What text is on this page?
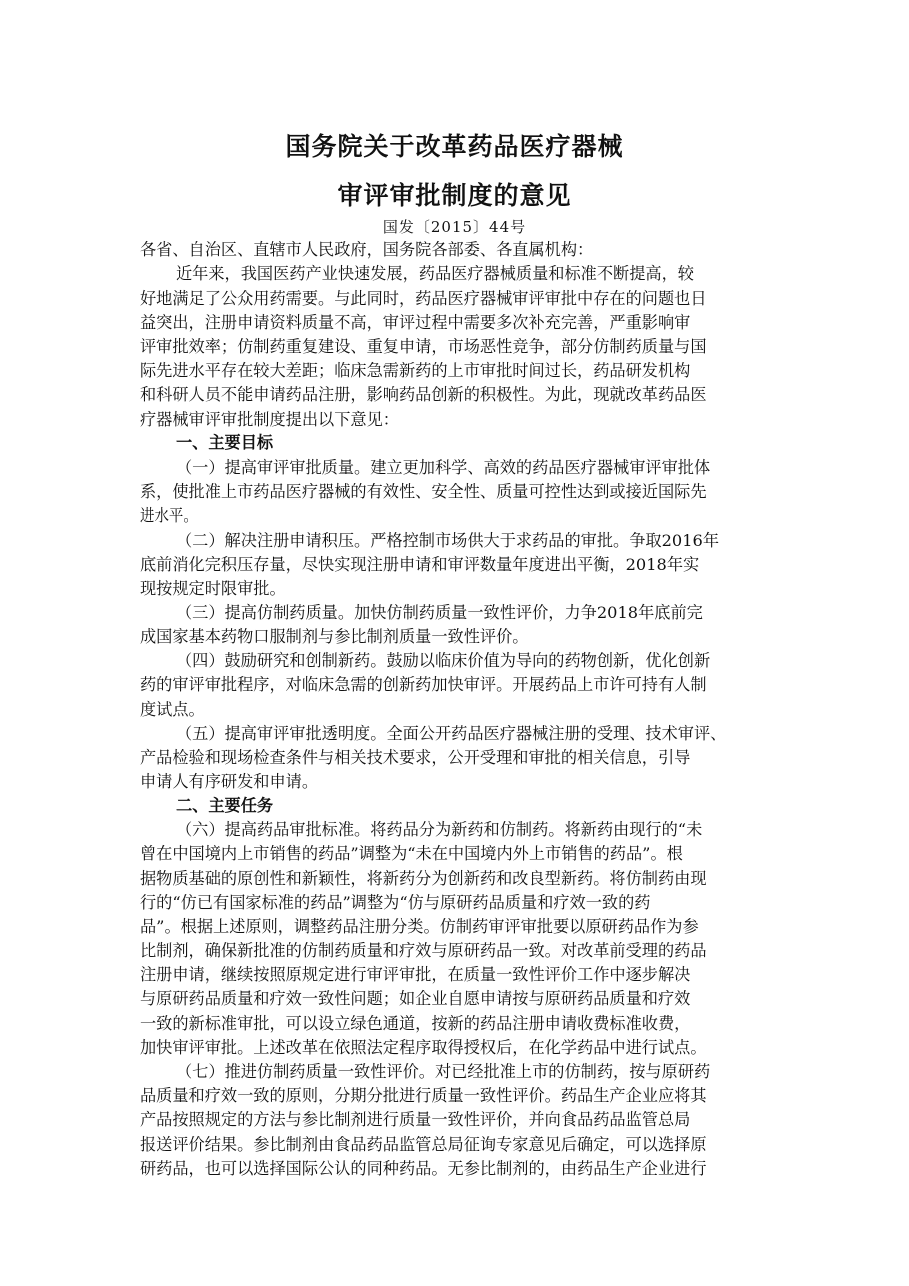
国务院关于改革药品医疗器械
审评审批制度的意见
国发〔2015〕44号
各省、自治区、直辖市人民政府，国务院各部委、各直属机构：
近年来，我国医药产业快速发展，药品医疗器械质量和标准不断提高，较
好地满足了公众用药需要。与此同时，药品医疗器械审评审批中存在的问题也日
益突出，注册申请资料质量不高，审评过程中需要多次补充完善，严重影响审
评审批效率；仿制药重复建设、重复申请，市场恶性竞争，部分仿制药质量与国
际先进水平存在较大差距；临床急需新药的上市审批时间过长，药品研发机构
和科研人员不能申请药品注册，影响药品创新的积极性。为此，现就改革药品医
疗器械审评审批制度提出以下意见：
一、主要目标
（一）提高审评审批质量。建立更加科学、高效的药品医疗器械审评审批体
系，使批准上市药品医疗器械的有效性、安全性、质量可控性达到或接近国际先
进水平。
（二）解决注册申请积压。严格控制市场供大于求药品的审批。争取2016年
底前消化完积压存量，尽快实现注册申请和审评数量年度进出平衡，2018年实
现按规定时限审批。
（三）提高仿制药质量。加快仿制药质量一致性评价，力争2018年底前完
成国家基本药物口服制剂与参比制剂质量一致性评价。
（四）鼓励研究和创制新药。鼓励以临床价值为导向的药物创新，优化创新
药的审评审批程序，对临床急需的创新药加快审评。开展药品上市许可持有人制
度试点。
（五）提高审评审批透明度。全面公开药品医疗器械注册的受理、技术审评、
产品检验和现场检查条件与相关技术要求，公开受理和审批的相关信息，引导
申请人有序研发和申请。
二、主要任务
（六）提高药品审批标准。将药品分为新药和仿制药。将新药由现行的“未
曾在中国境内上市销售的药品”调整为“未在中国境内外上市销售的药品”。根
据物质基础的原创性和新颖性，将新药分为创新药和改良型新药。将仿制药由现
行的“仿已有国家标准的药品”调整为“仿与原研药品质量和疗效一致的药
品”。根据上述原则，调整药品注册分类。仿制药审评审批要以原研药品作为参
比制剂，确保新批准的仿制药质量和疗效与原研药品一致。对改革前受理的药品
注册申请，继续按照原规定进行审评审批，在质量一致性评价工作中逐步解决
与原研药品质量和疗效一致性问题；如企业自愿申请按与原研药品质量和疗效
一致的新标准审批，可以设立绿色通道，按新的药品注册申请收费标准收费，
加快审评审批。上述改革在依照法定程序取得授权后，在化学药品中进行试点。
（七）推进仿制药质量一致性评价。对已经批准上市的仿制药，按与原研药
品质量和疗效一致的原则，分期分批进行质量一致性评价。药品生产企业应将其
产品按照规定的方法与参比制剂进行质量一致性评价，并向食品药品监管总局
报送评价结果。参比制剂由食品药品监管总局征询专家意见后确定，可以选择原
研药品，也可以选择国际公认的同种药品。无参比制剂的，由药品生产企业进行
